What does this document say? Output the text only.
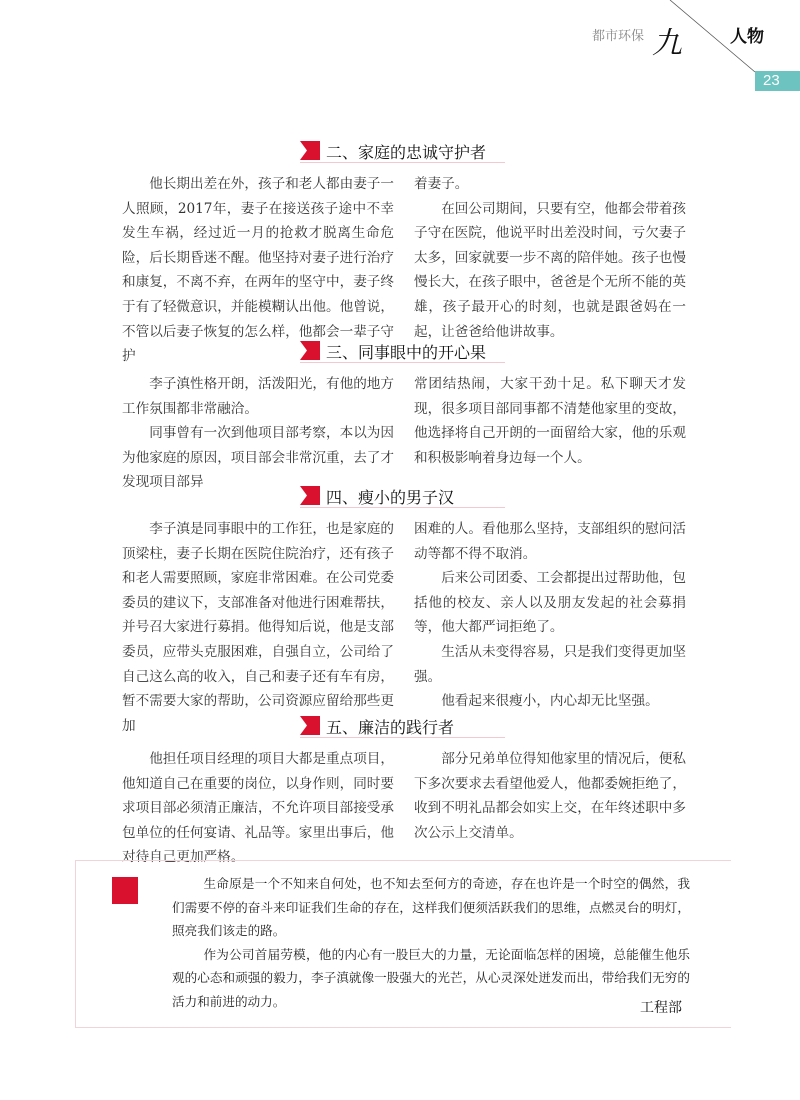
都市环保 九	人物
23
二、家庭的忠诚守护者

他长期出差在外，孩子和老人都由妻子一人照顾，2017年，妻子在接送孩子途中不幸发生车祸，经过近一月的抢救才脱离生命危险，后长期昏迷不醒。他坚持对妻子进行治疗和康复，不离不弃，在两年的坚守中，妻子终于有了轻微意识，并能模糊认出他。他曾说，不管以后妻子恢复的怎么样，他都会一辈子守护

着妻子。

在回公司期间，只要有空，他都会带着孩子守在医院，他说平时出差没时间，亏欠妻子太多，回家就要一步不离的陪伴她。孩子也慢慢长大，在孩子眼中，爸爸是个无所不能的英雄，孩子最开心的时刻，也就是跟爸妈在一起，让爸爸给他讲故事。

三、同事眼中的开心果

李子滇性格开朗，活泼阳光，有他的地方工作氛围都非常融洽。

同事曾有一次到他项目部考察，本以为因为他家庭的原因，项目部会非常沉重，去了才发现项目部异

常团结热闹，大家干劲十足。私下聊天才发现，很多项目部同事都不清楚他家里的变故，他选择将自己开朗的一面留给大家，他的乐观和积极影响着身边每一个人。

四、瘦小的男子汉

李子滇是同事眼中的工作狂，也是家庭的顶梁柱，妻子长期在医院住院治疗，还有孩子和老人需要照顾，家庭非常困难。在公司党委委员的建议下，支部准备对他进行困难帮扶，并号召大家进行募捐。他得知后说，他是支部委员，应带头克服困难，自强自立，公司给了自己这么高的收入，自己和妻子还有车有房，暂不需要大家的帮助，公司资源应留给那些更加

困难的人。看他那么坚持，支部组织的慰问活动等都不得不取消。

后来公司团委、工会都提出过帮助他，包括他的校友、亲人以及朋友发起的社会募捐等，他大都严词拒绝了。

生活从未变得容易，只是我们变得更加坚强。

他看起来很瘦小，内心却无比坚强。

五、廉洁的践行者

他担任项目经理的项目大都是重点项目，他知道自己在重要的岗位，以身作则，同时要求项目部必须清正廉洁，不允许项目部接受承包单位的任何宴请、礼品等。家里出事后，他对待自己更加严格。

部分兄弟单位得知他家里的情况后，便私下多次要求去看望他爱人，他都委婉拒绝了，收到不明礼品都会如实上交，在年终述职中多次公示上交清单。

生命原是一个不知来自何处，也不知去至何方的奇迹，存在也许是一个时空的偶然，我们需要不停的奋斗来印证我们生命的存在，这样我们便须活跃我们的思维，点燃灵台的明灯，照亮我们该走的路。

作为公司首届劳模，他的内心有一股巨大的力量，无论面临怎样的困境，总能催生他乐观的心态和顽强的毅力，李子滇就像一股强大的光芒，从心灵深处迸发而出，带给我们无穷的活力和前进的动力。	工程部
